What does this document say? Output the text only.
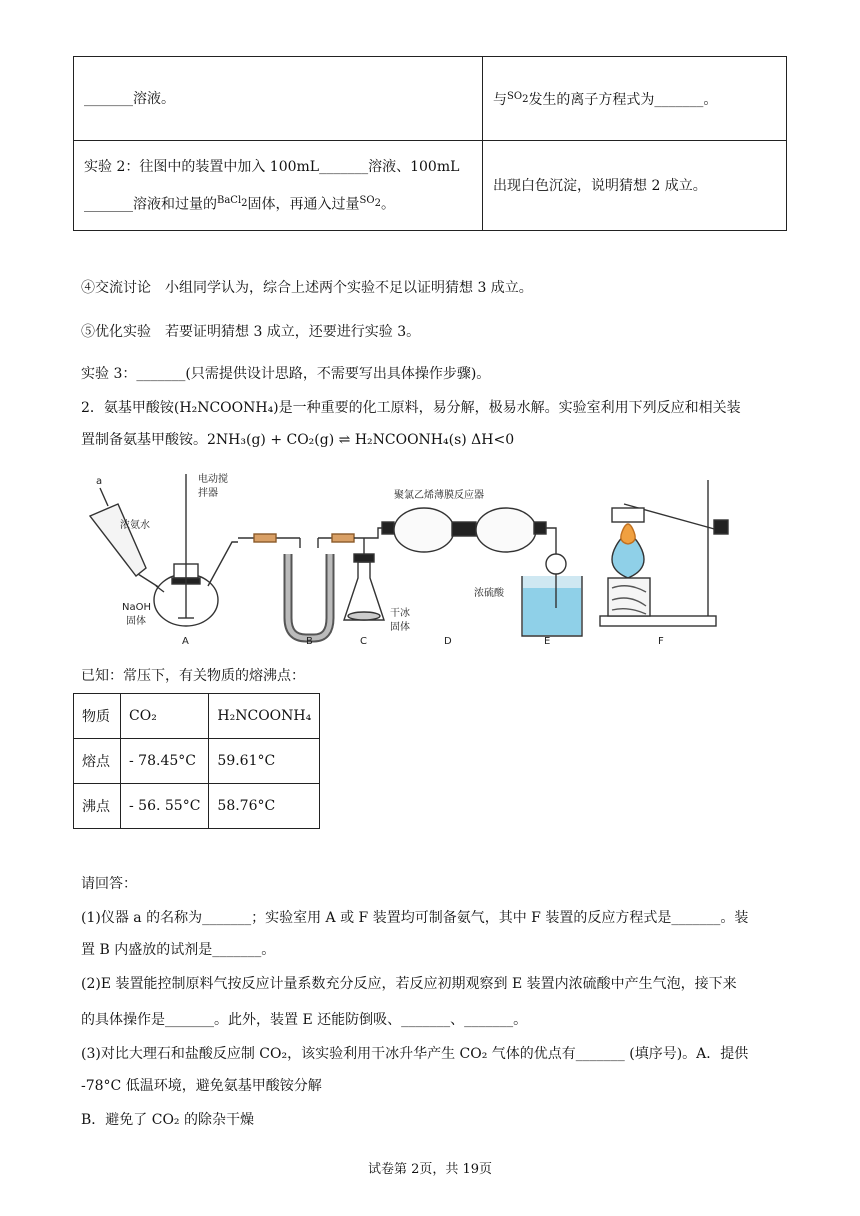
_______溶液。	与$^{SO_2}$发生的离子方程式为_______。

实验 2：往图中的装置中加入 100mL_______溶液、100mL
_______溶液和过量的$^{BaCl_2}$固体，再通入过量$^{SO_2}$。	出现白色沉淀，说明猜想 2 成立。
④交流讨论　小组同学认为，综合上述两个实验不足以证明猜想 3 成立。
⑤优化实验　若要证明猜想 3 成立，还要进行实验 3。
实验 3：_______(只需提供设计思路，不需要写出具体操作步骤)。
2．氨基甲酸铵(H₂NCOONH₄)是一种重要的化工原料，易分解，极易水解。实验室利用下列反应和相关装
置制备氨基甲酸铵。2NH₃(g) + CO₂(g) ⇌ H₂NCOONH₄(s) ΔH<0
a	电动搅
拌器
浓氨水
NaOH
固体
聚氯乙烯薄膜反应器
干冰
固体
浓硫酸
A	B	C	D	E	F
已知：常压下，有关物质的熔沸点：
物质	CO₂	H₂NCOONH₄
熔点	- 78.45°C	59.61°C
沸点	- 56. 55°C	58.76°C
请回答：
(1)仪器 a 的名称为_______；实验室用 A 或 F 装置均可制备氨气，其中 F 装置的反应方程式是_______。装
置 B 内盛放的试剂是_______。
(2)E 装置能控制原料气按反应计量系数充分反应，若反应初期观察到 E 装置内浓硫酸中产生气泡，接下来
的具体操作是_______。此外，装置 E 还能防倒吸、_______、_______。
(3)对比大理石和盐酸反应制 CO₂，该实验利用干冰升华产生 CO₂ 气体的优点有_______ (填序号)。A．提供
-78°C 低温环境，避免氨基甲酸铵分解
B．避免了 CO₂ 的除杂干燥
试卷第 2页，共 19页
